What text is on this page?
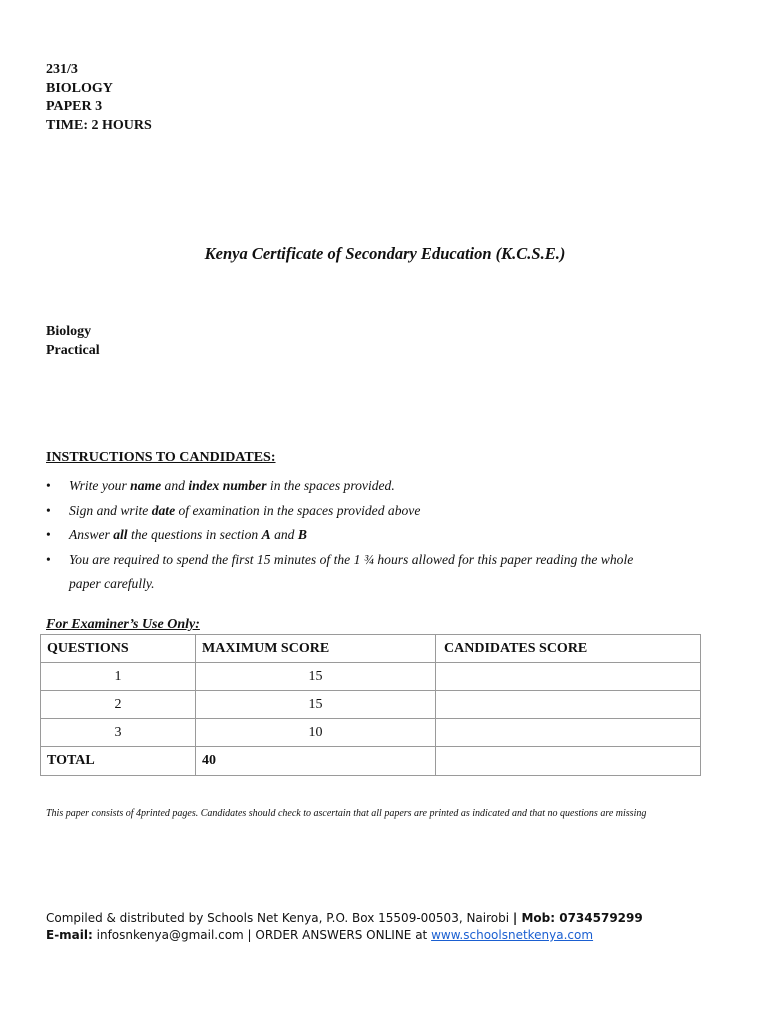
231/3
BIOLOGY
PAPER 3
TIME: 2 HOURS
Kenya Certificate of Secondary Education (K.C.S.E.)
Biology
Practical
INSTRUCTIONS TO CANDIDATES:
• Write your name and index number in the spaces provided.
• Sign and write date of examination in the spaces provided above
• Answer all the questions in section A and B
• You are required to spend the first 15 minutes of the 1 ¾ hours allowed for this paper reading the whole
paper carefully.
For Examiner’s Use Only:
QUESTIONS	MAXIMUM SCORE	CANDIDATES SCORE
1	15	
2	15	
3	10	
TOTAL	40	
This paper consists of 4printed pages. Candidates should check to ascertain that all papers are printed as indicated and that no questions are missing
Compiled & distributed by Schools Net Kenya, P.O. Box 15509-00503, Nairobi | Mob: 0734579299
E-mail: infosnkenya@gmail.com | ORDER ANSWERS ONLINE at www.schoolsnetkenya.com
